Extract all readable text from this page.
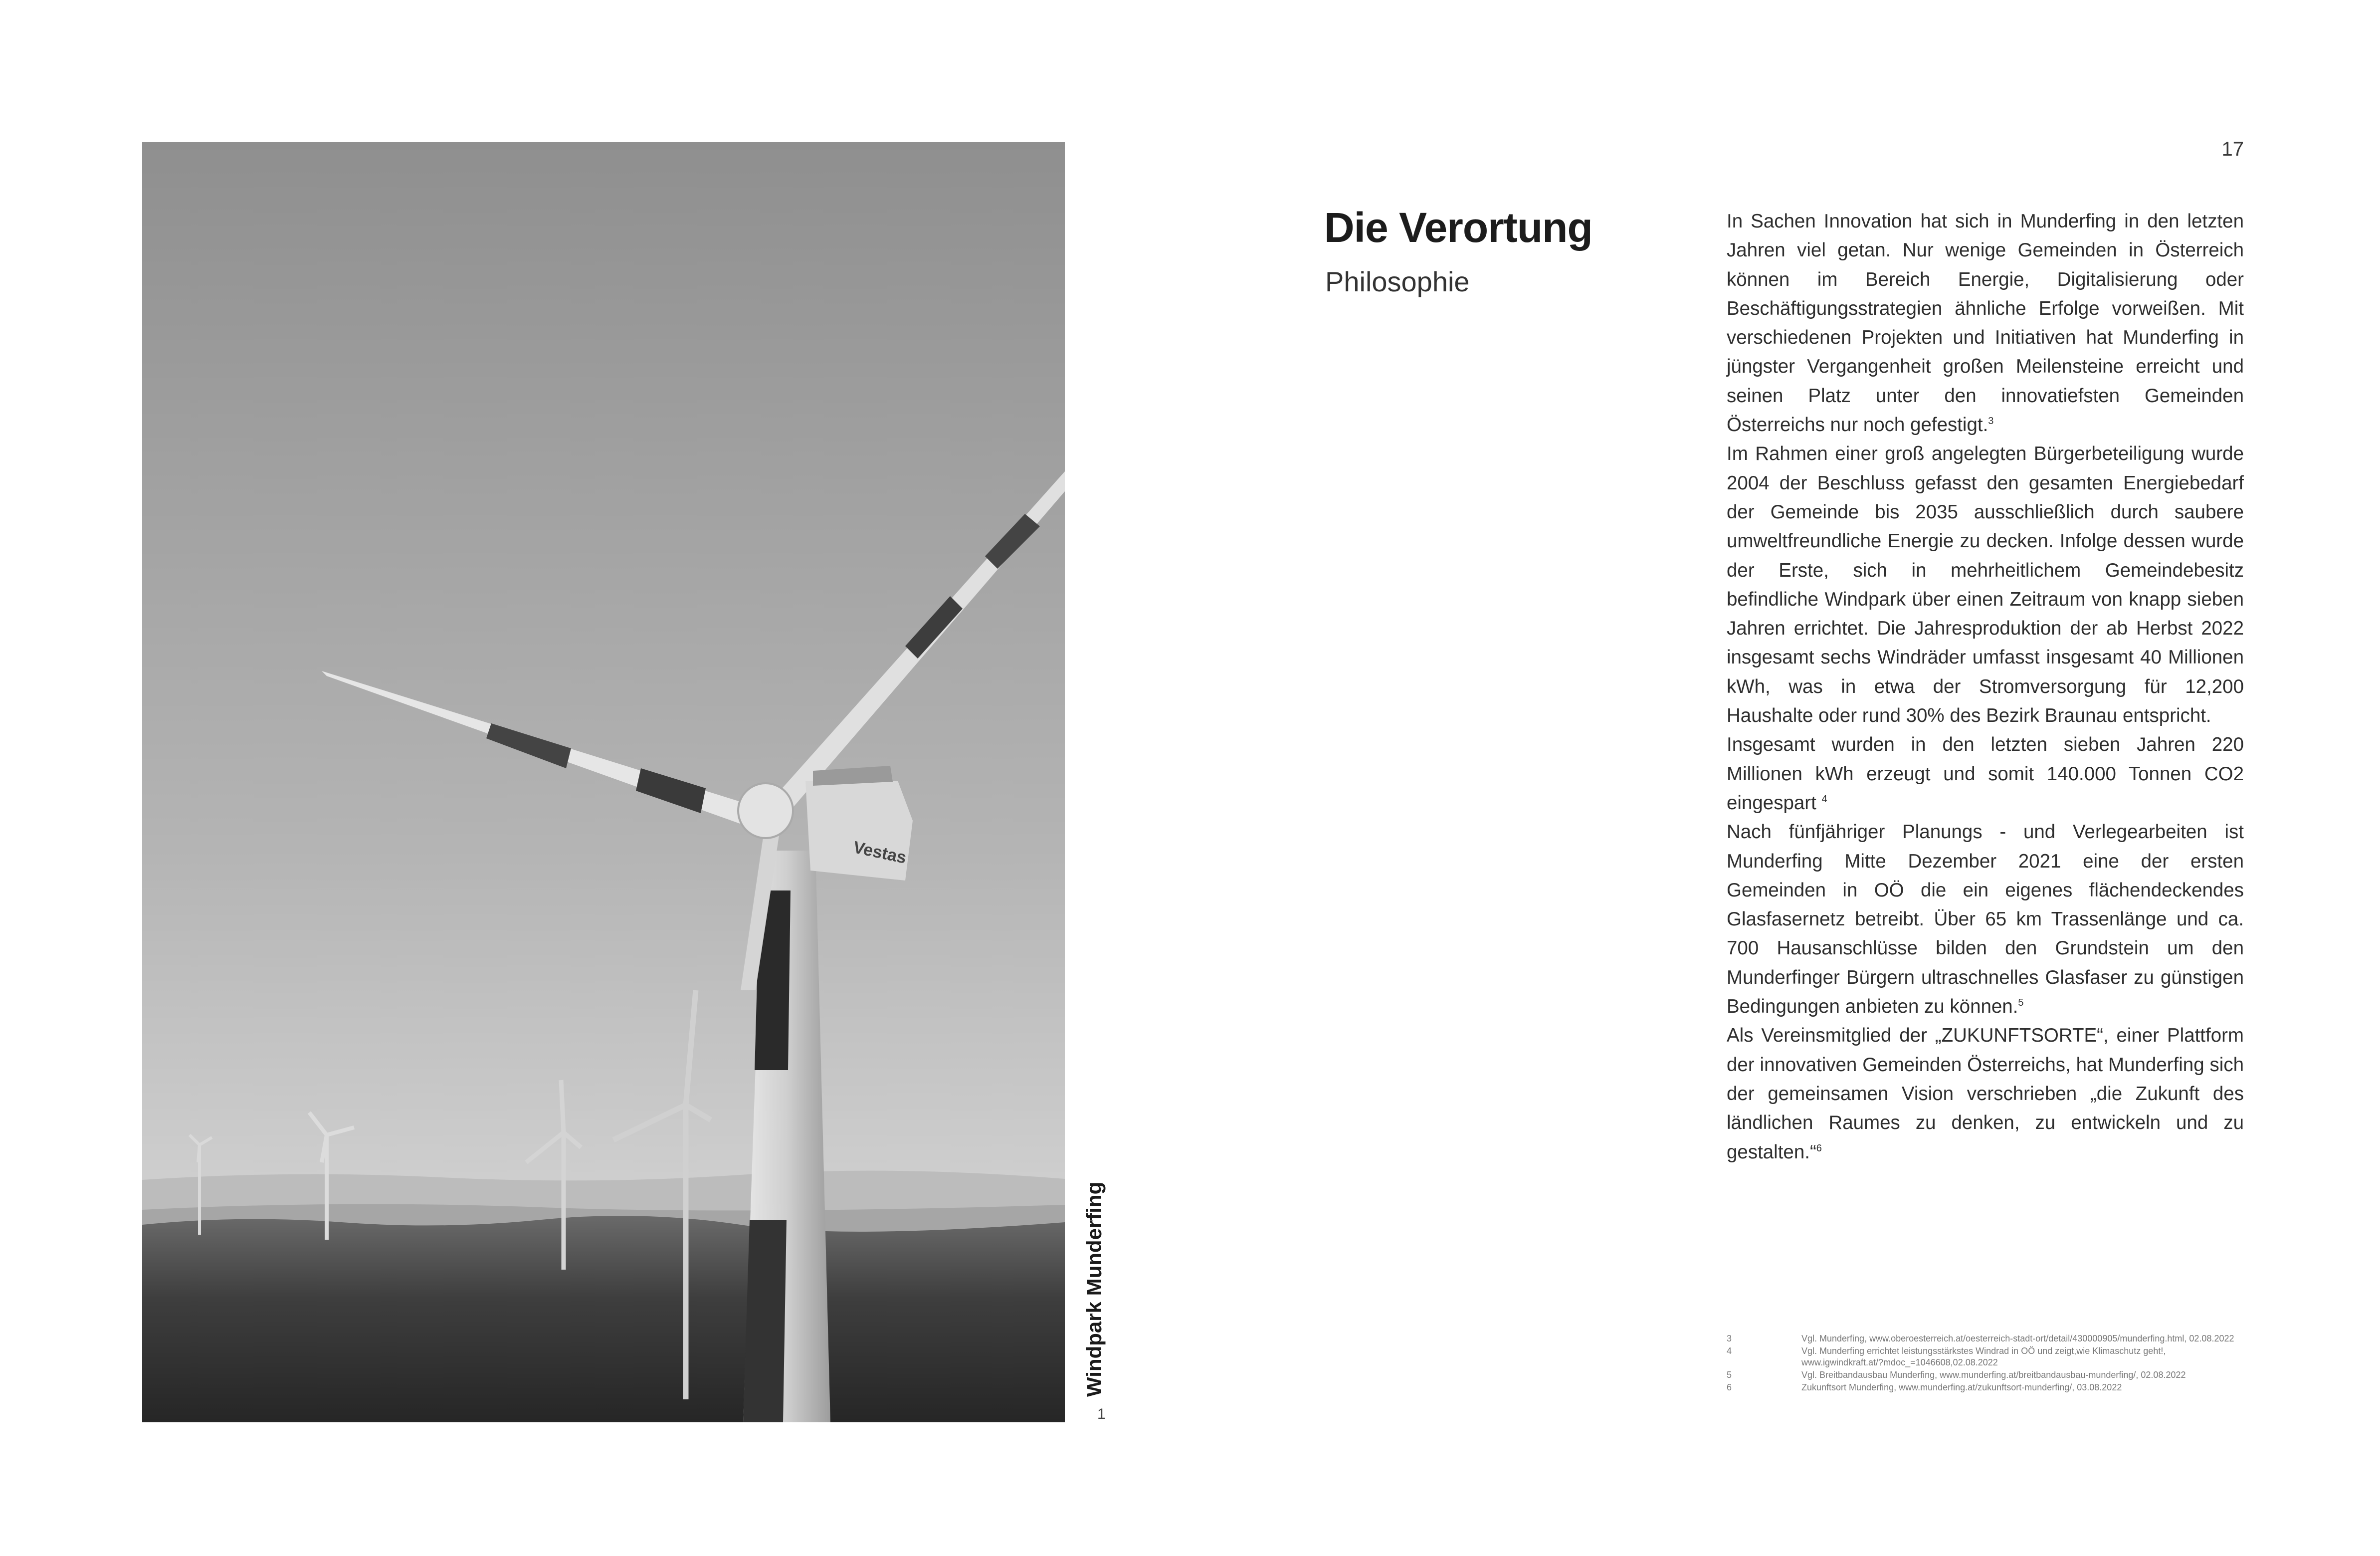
Vestas
Windpark Munderfing
1
17
Die Verortung
Philosophie

In Sachen Innovation hat sich in Munderfing in den letzten Jahren viel getan. Nur wenige Gemeinden in Österreich können im Bereich Energie, Digitalisierung oder Beschäftigungsstrategien ähnliche Erfolge vorweißen. Mit verschiedenen Projekten und Initiativen hat Munderfing in jüngster Vergangenheit großen Meilensteine erreicht und seinen Platz unter den innovatiefsten Gemeinden Österreichs nur noch gefestigt.$^3$

Im Rahmen einer groß angelegten Bürgerbeteiligung wurde 2004 der Beschluss gefasst den gesamten Energiebedarf der Gemeinde bis 2035 ausschließlich durch saubere umweltfreundliche Energie zu decken. Infolge dessen wurde der Erste, sich in mehrheitlichem Gemeindebesitz befindliche Windpark über einen Zeitraum von knapp sieben Jahren errichtet. Die Jahresproduktion der ab Herbst 2022 insgesamt sechs Windräder umfasst insgesamt 40 Millionen kWh, was in etwa der Stromversorgung für 12,200 Haushalte oder rund 30% des Bezirk Braunau entspricht.

Insgesamt wurden in den letzten sieben Jahren 220 Millionen kWh erzeugt und somit 140.000 Tonnen CO2 eingespart $^4$

Nach fünfjähriger Planungs - und Verlegearbeiten ist Munderfing Mitte Dezember 2021 eine der ersten Gemeinden in OÖ die ein eigenes flächendeckendes Glasfasernetz betreibt. Über 65 km Trassenlänge und ca. 700 Hausanschlüsse bilden den Grundstein um den Munderfinger Bürgern ultraschnelles Glasfaser zu günstigen Bedingungen anbieten zu können.$^5$

Als Vereinsmitglied der „ZUKUNFTSORTE“, einer Plattform der innovativen Gemeinden Österreichs, hat Munderfing sich der gemeinsamen Vision verschrieben „die Zukunft des ländlichen Raumes zu denken, zu entwickeln und zu gestalten.“$^6$

3	Vgl. Munderfing, www.oberoesterreich.at/oesterreich-stadt-ort/detail/430000905/munderfing.html, 02.08.2022
4	Vgl. Munderfing errichtet leistungsstärkstes Windrad in OÖ und zeigt,wie Klimaschutz geht!, www.igwindkraft.at/?mdoc_=1046608,02.08.2022
5	Vgl. Breitbandausbau Munderfing, www.munderfing.at/breitbandausbau-munderfing/, 02.08.2022
6	Zukunftsort Munderfing, www.munderfing.at/zukunftsort-munderfing/, 03.08.2022
